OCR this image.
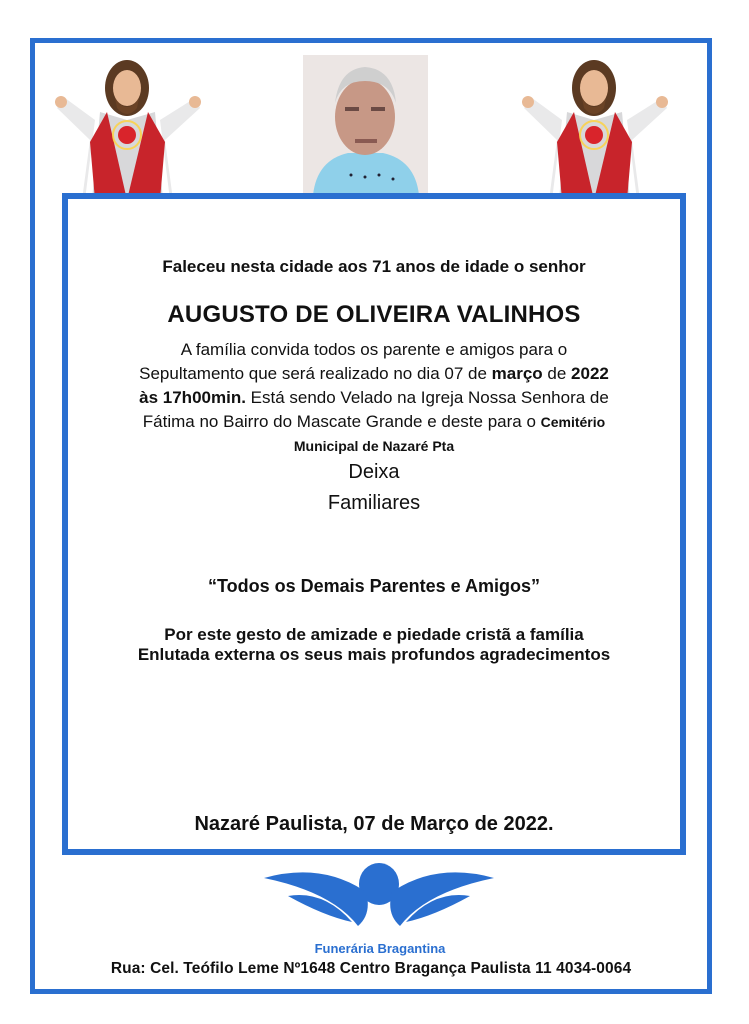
Faleceu nesta cidade aos 71 anos de idade o senhor
AUGUSTO DE OLIVEIRA VALINHOS
A família convida todos os parente e amigos para o
Sepultamento que será realizado no dia 07 de março de 2022
às 17h00min. Está sendo Velado na Igreja Nossa Senhora de
Fátima no Bairro do Mascate Grande e deste para o Cemitério
Municipal de Nazaré Pta
Deixa
Familiares
“Todos os Demais Parentes e Amigos”
Por este gesto de amizade e piedade cristã a família
Enlutada externa os seus mais profundos agradecimentos
Nazaré Paulista, 07 de Março de 2022.
Funerária Bragantina
Rua: Cel. Teófilo Leme Nº1648 Centro Bragança Paulista 11 4034-0064
